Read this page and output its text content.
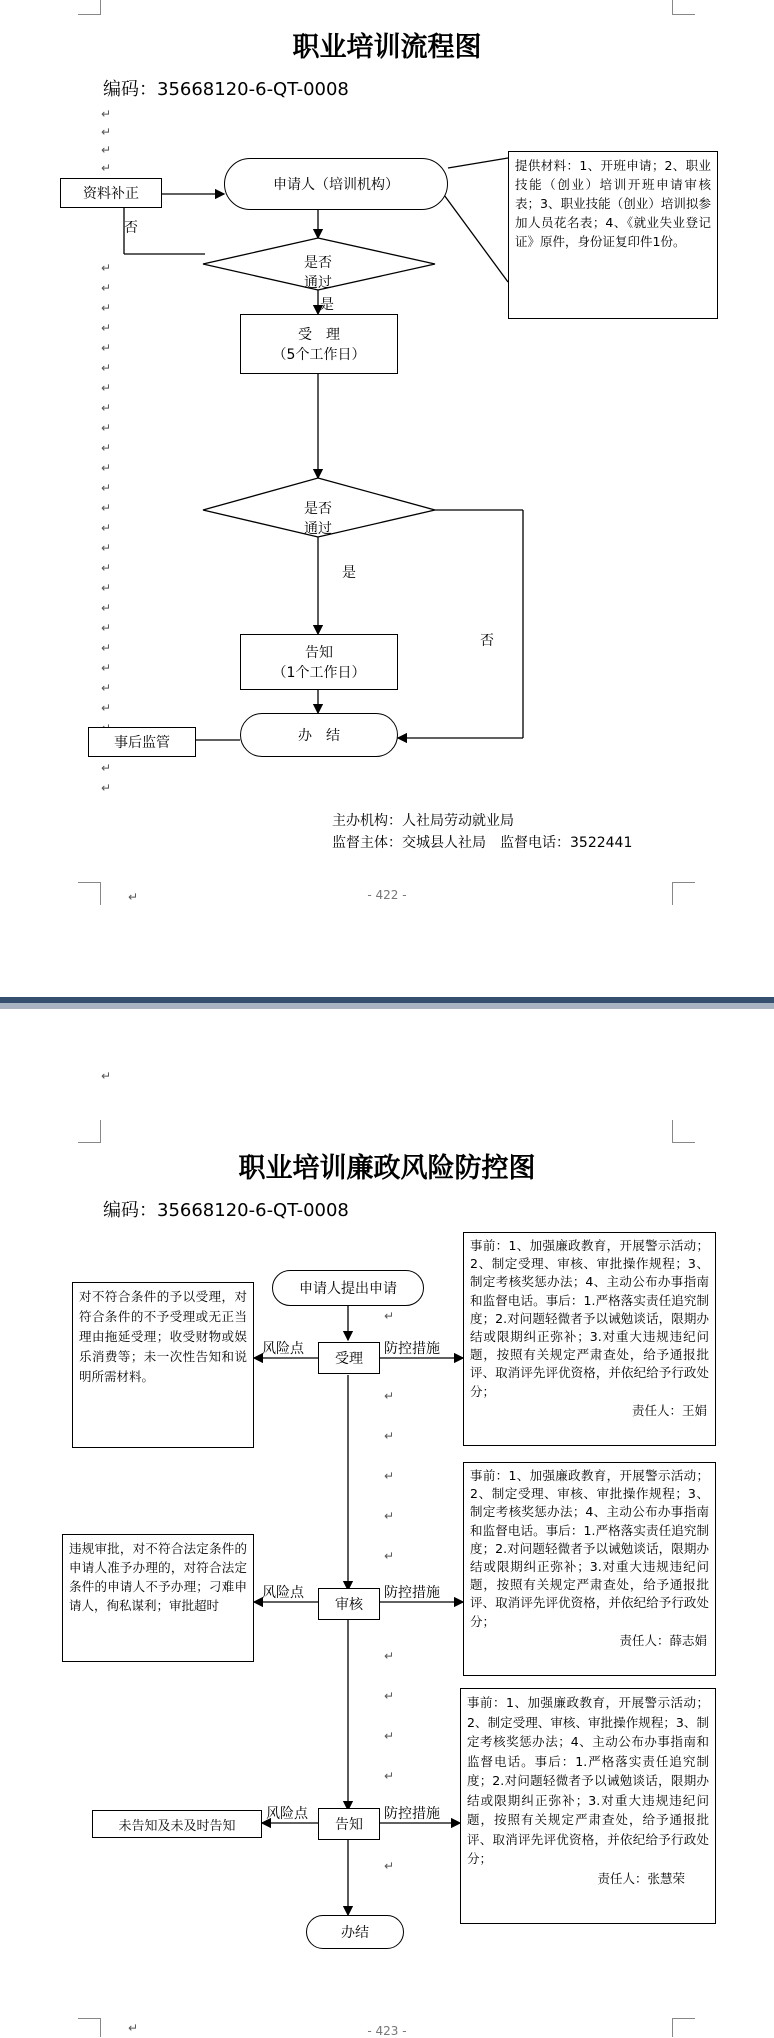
职业培训流程图
编码：35668120-6-QT-0008
↵
↵
↵
↵
↵
↵
↵
↵
↵
↵
↵
↵
↵
↵
↵
↵
↵
↵
↵
↵
↵
↵
↵
↵
↵
↵
↵
↵
↵
↵
资料补正
申请人（培训机构）
提供材料：1、开班申请；2、职业技能（创业）培训开班申请审核表；3、职业技能（创业）培训拟参加人员花名表；4、《就业失业登记证》原件，身份证复印件1份。
是否通过
否
是
受　理
（5个工作日）
是否通过
是
否
告知
（1个工作日）
办　结
事后监管
主办机构：人社局劳动就业局
监督主体：交城县人社局　监督电话：3522441
- 422 -
↵
职业培训廉政风险防控图
编码：35668120-6-QT-0008
↵
↵
↵
↵
↵
↵
↵
↵
↵
↵
↵
申请人提出申请
受理
风险点	防控措施
对不符合条件的予以受理，对符合条件的不予受理或无正当理由拖延受理；收受财物或娱乐消费等；未一次性告知和说明所需材料。
事前：1、加强廉政教育，开展警示活动；2、制定受理、审核、审批操作规程；3、制定考核奖惩办法；4、主动公布办事指南和监督电话。事后：1.严格落实责任追究制度；2.对问题轻微者予以诫勉谈话，限期办结或限期纠正弥补；3.对重大违规违纪问题，按照有关规定严肃查处，给予通报批评、取消评先评优资格，并依纪给予行政处分；
责任人：王娟
审核
风险点	防控措施
违规审批，对不符合法定条件的申请人准予办理的，对符合法定条件的申请人不予办理；刁难申请人，徇私谋利；审批超时
事前：1、加强廉政教育，开展警示活动；2、制定受理、审核、审批操作规程；3、制定考核奖惩办法；4、主动公布办事指南和监督电话。事后：1.严格落实责任追究制度；2.对问题轻微者予以诫勉谈话，限期办结或限期纠正弥补；3.对重大违规违纪问题，按照有关规定严肃查处，给予通报批评、取消评先评优资格，并依纪给予行政处分；
责任人：薛志娟
告知
风险点	防控措施
未告知及未及时告知
事前：1、加强廉政教育，开展警示活动；2、制定受理、审核、审批操作规程；3、制定考核奖惩办法；4、主动公布办事指南和监督电话。事后：1.严格落实责任追究制度；2.对问题轻微者予以诫勉谈话，限期办结或限期纠正弥补；3.对重大违规违纪问题，按照有关规定严肃查处，给予通报批评、取消评先评优资格，并依纪给予行政处分；
责任人：张慧荣
办结
↵	- 423 -
